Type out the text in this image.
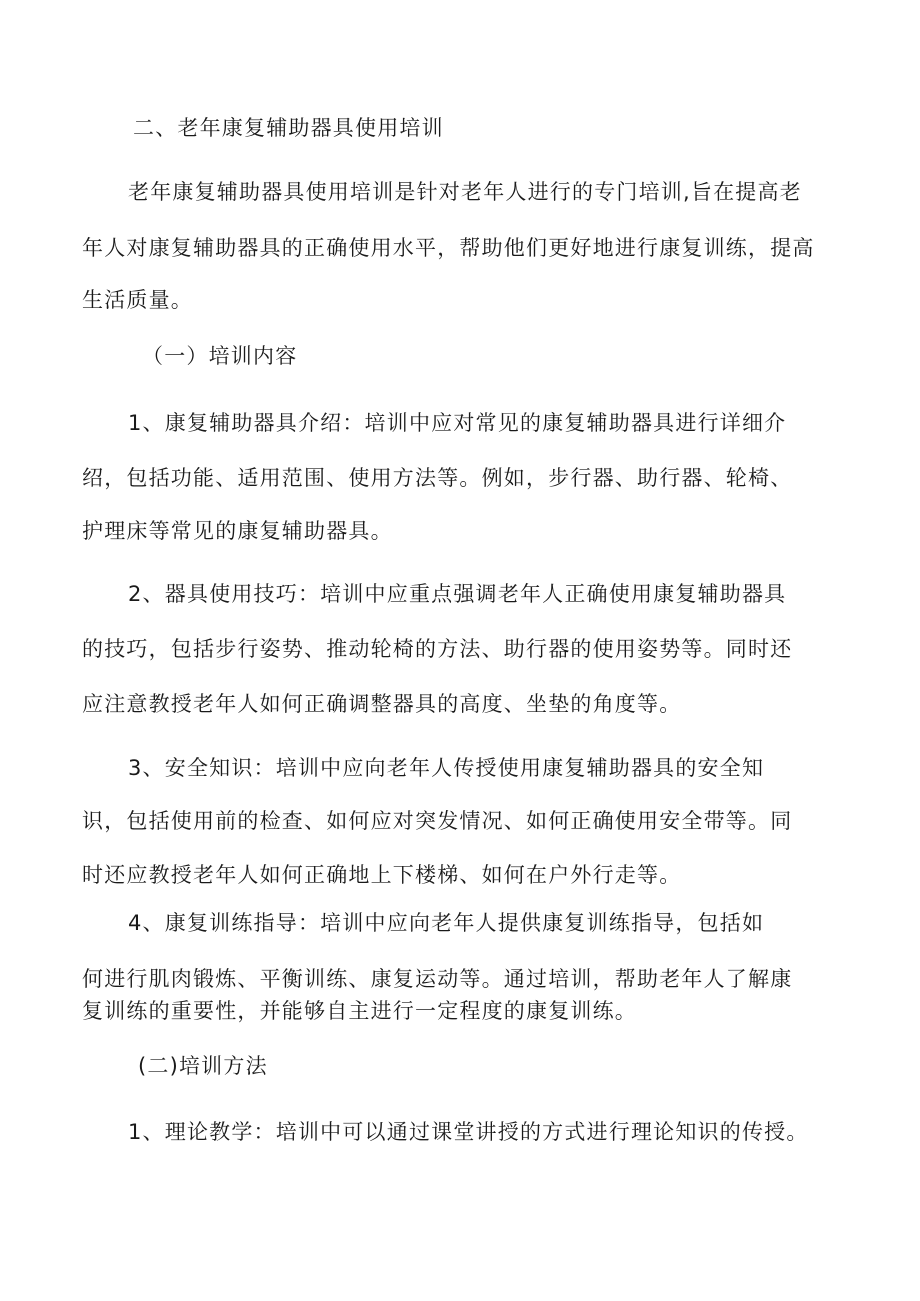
二、老年康复辅助器具使用培训
老年康复辅助器具使用培训是针对老年人进行的专门培训,旨在提高老
年人对康复辅助器具的正确使用水平，帮助他们更好地进行康复训练，提高
生活质量。
（一）培训内容
1、康复辅助器具介绍：培训中应对常见的康复辅助器具进行详细介
绍，包括功能、适用范围、使用方法等。例如，步行器、助行器、轮椅、
护理床等常见的康复辅助器具。
2、器具使用技巧：培训中应重点强调老年人正确使用康复辅助器具
的技巧，包括步行姿势、推动轮椅的方法、助行器的使用姿势等。同时还
应注意教授老年人如何正确调整器具的高度、坐垫的角度等。
3、安全知识：培训中应向老年人传授使用康复辅助器具的安全知
识，包括使用前的检查、如何应对突发情况、如何正确使用安全带等。同
时还应教授老年人如何正确地上下楼梯、如何在户外行走等。
4、康复训练指导：培训中应向老年人提供康复训练指导，包括如
何进行肌肉锻炼、平衡训练、康复运动等。通过培训，帮助老年人了解康
复训练的重要性，并能够自主进行一定程度的康复训练。
(二)培训方法
1、理论教学：培训中可以通过课堂讲授的方式进行理论知识的传授。
